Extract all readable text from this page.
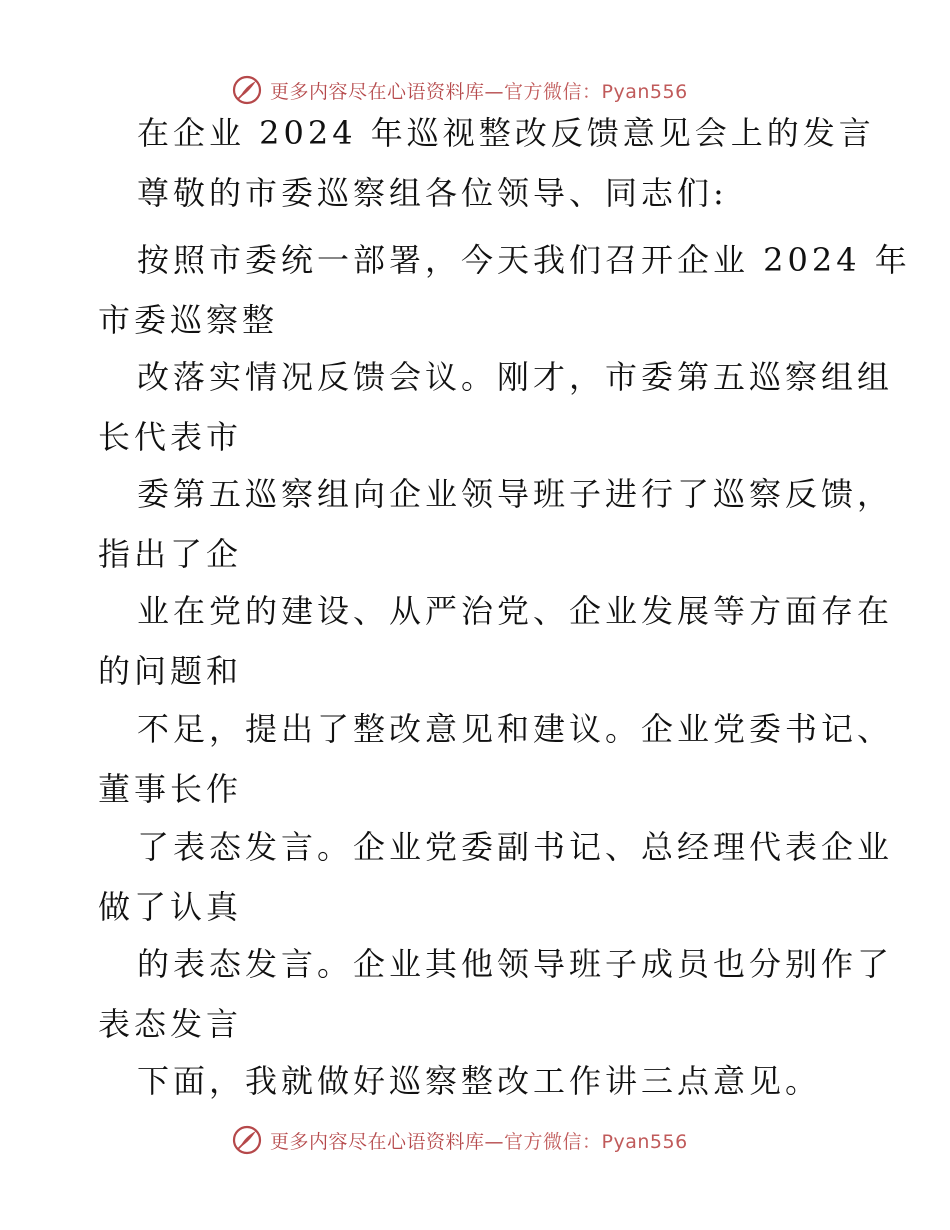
更多内容尽在心语资料库—官方微信：Pyan556
在企业 2024 年巡视整改反馈意见会上的发言
尊敬的市委巡察组各位领导、同志们:
按照市委统一部署，今天我们召开企业 2024 年
市委巡察整
改落实情况反馈会议。刚才，市委第五巡察组组
长代表市
委第五巡察组向企业领导班子进行了巡察反馈，
指出了企
业在党的建设、从严治党、企业发展等方面存在
的问题和
不足，提出了整改意见和建议。企业党委书记、
董事长作
了表态发言。企业党委副书记、总经理代表企业
做了认真
的表态发言。企业其他领导班子成员也分别作了
表态发言
下面，我就做好巡察整改工作讲三点意见。
更多内容尽在心语资料库—官方微信：Pyan556
